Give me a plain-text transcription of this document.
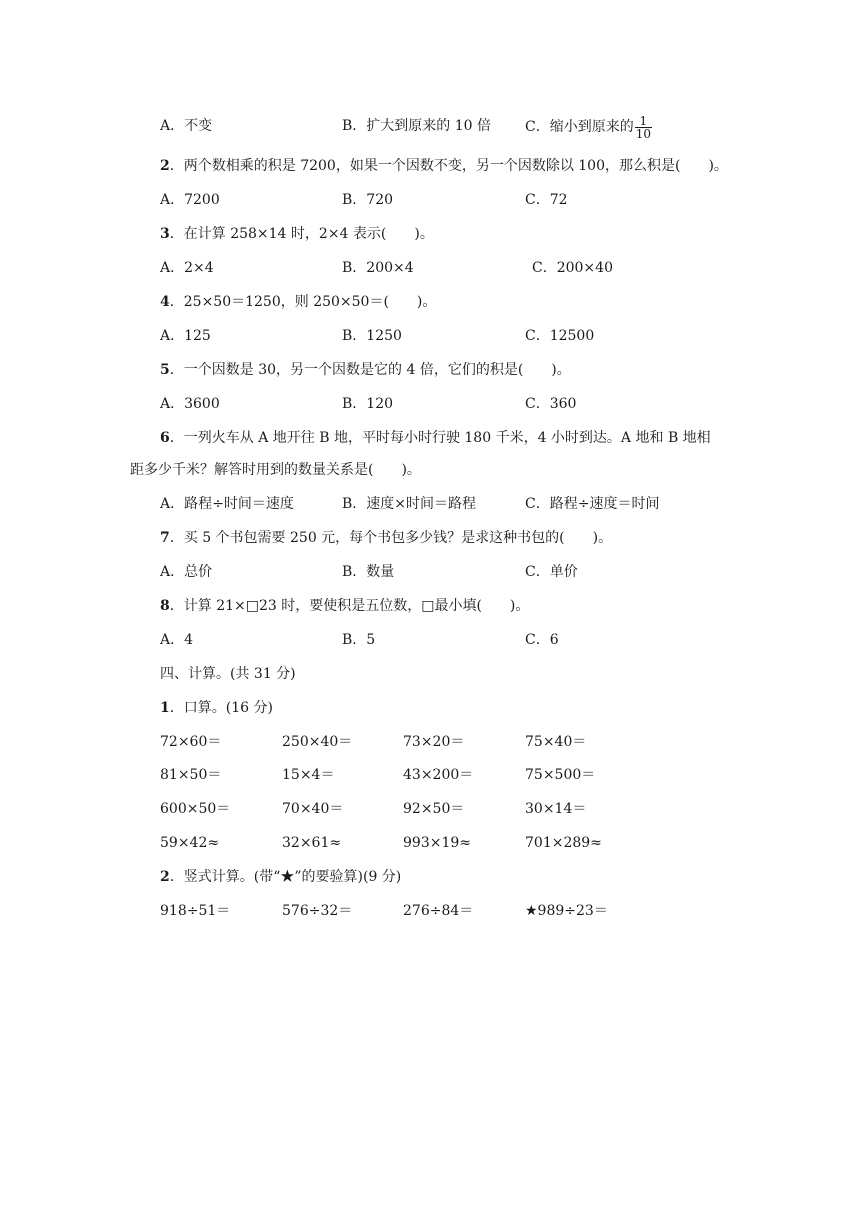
A．不变	B．扩大到原来的 10 倍 C．缩小到原来的 $\frac{1}{10}$
2．两个数相乘的积是 7200，如果一个因数不变，另一个因数除以 100，那么积是(　　)。
A．7200	B．720	C．72
3．在计算 258×14 时，2×4 表示(　　)。
A．2×4	B．200×4	C．200×40
4．25×50＝1250，则 250×50＝(　　)。
A．125	B．1250	C．12500
5．一个因数是 30，另一个因数是它的 4 倍，它们的积是(　　)。
A．3600	B．120	C．360
6．一列火车从 A 地开往 B 地，平时每小时行驶 180 千米，4 小时到达。A 地和 B 地相
距多少千米？解答时用到的数量关系是(　　)。
A．路程÷时间＝速度	B．速度×时间＝路程	C．路程÷速度＝时间
7．买 5 个书包需要 250 元，每个书包多少钱？是求这种书包的(　　)。
A．总价	B．数量	C．单价
8．计算 21×□23 时，要使积是五位数，□最小填(　　)。
A．4	B．5	C．6
四、计算。(共 31 分)
1．口算。(16 分)
72×60＝	250×40＝	73×20＝	75×40＝
81×50＝	15×4＝	43×200＝	75×500＝
600×50＝	70×40＝	92×50＝	30×14＝
59×42≈	32×61≈	993×19≈	701×289≈
2．竖式计算。(带“★”的要验算)(9 分)
918÷51＝	576÷32＝	276÷84＝	★989÷23＝
